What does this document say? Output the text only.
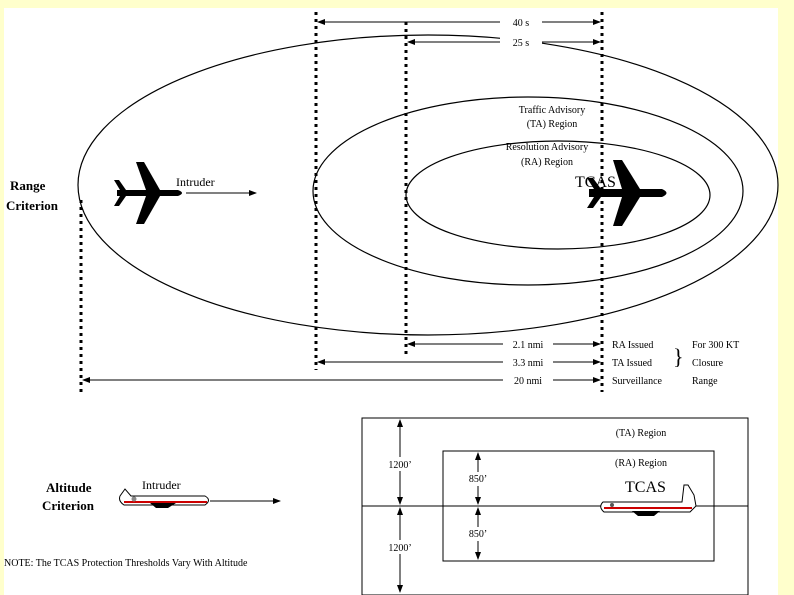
40 s
25 s
Traffic Advisory
(TA) Region
Resolution Advisory
(RA) Region
Range
Criterion
Intruder	TCAS
2.1 nmi
3.3 nmi
20 nmi
RA Issued
TA Issued
Surveillance
} For 300 KT
Closure
Range
Altitude
Criterion
Intruder
(TA) Region
(RA) Region
1200’
1200’
850’
850’
TCAS
NOTE: The TCAS Protection Thresholds Vary With Altitude
